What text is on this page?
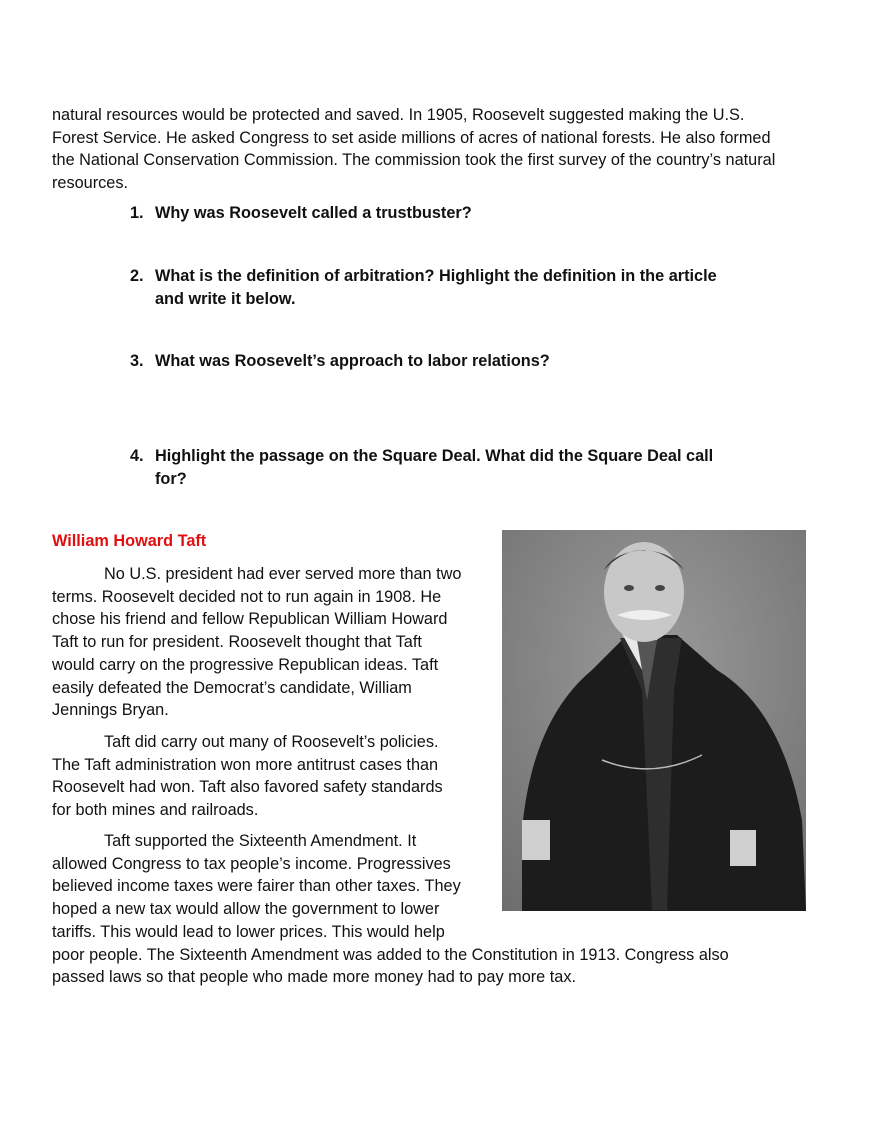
natural resources would be protected and saved. In 1905, Roosevelt suggested making the U.S.
Forest Service. He asked Congress to set aside millions of acres of national forests. He also formed
the National Conservation Commission. The commission took the first survey of the country’s natural
resources.
1. Why was Roosevelt called a trustbuster?
2. What is the definition of arbitration? Highlight the definition in the article
and write it below.
3. What was Roosevelt’s approach to labor relations?
4. Highlight the passage on the Square Deal. What did the Square Deal call
for?
William Howard Taft
No U.S. president had ever served more than two
terms. Roosevelt decided not to run again in 1908. He
chose his friend and fellow Republican William Howard
Taft to run for president. Roosevelt thought that Taft
would carry on the progressive Republican ideas. Taft
easily defeated the Democrat’s candidate, William
Jennings Bryan.
Taft did carry out many of Roosevelt’s policies.
The Taft administration won more antitrust cases than
Roosevelt had won. Taft also favored safety standards
for both mines and railroads.
Taft supported the Sixteenth Amendment. It
allowed Congress to tax people’s income. Progressives
believed income taxes were fairer than other taxes. They
hoped a new tax would allow the government to lower
tariffs. This would lead to lower prices. This would help
poor people. The Sixteenth Amendment was added to the Constitution in 1913. Congress also
passed laws so that people who made more money had to pay more tax.
